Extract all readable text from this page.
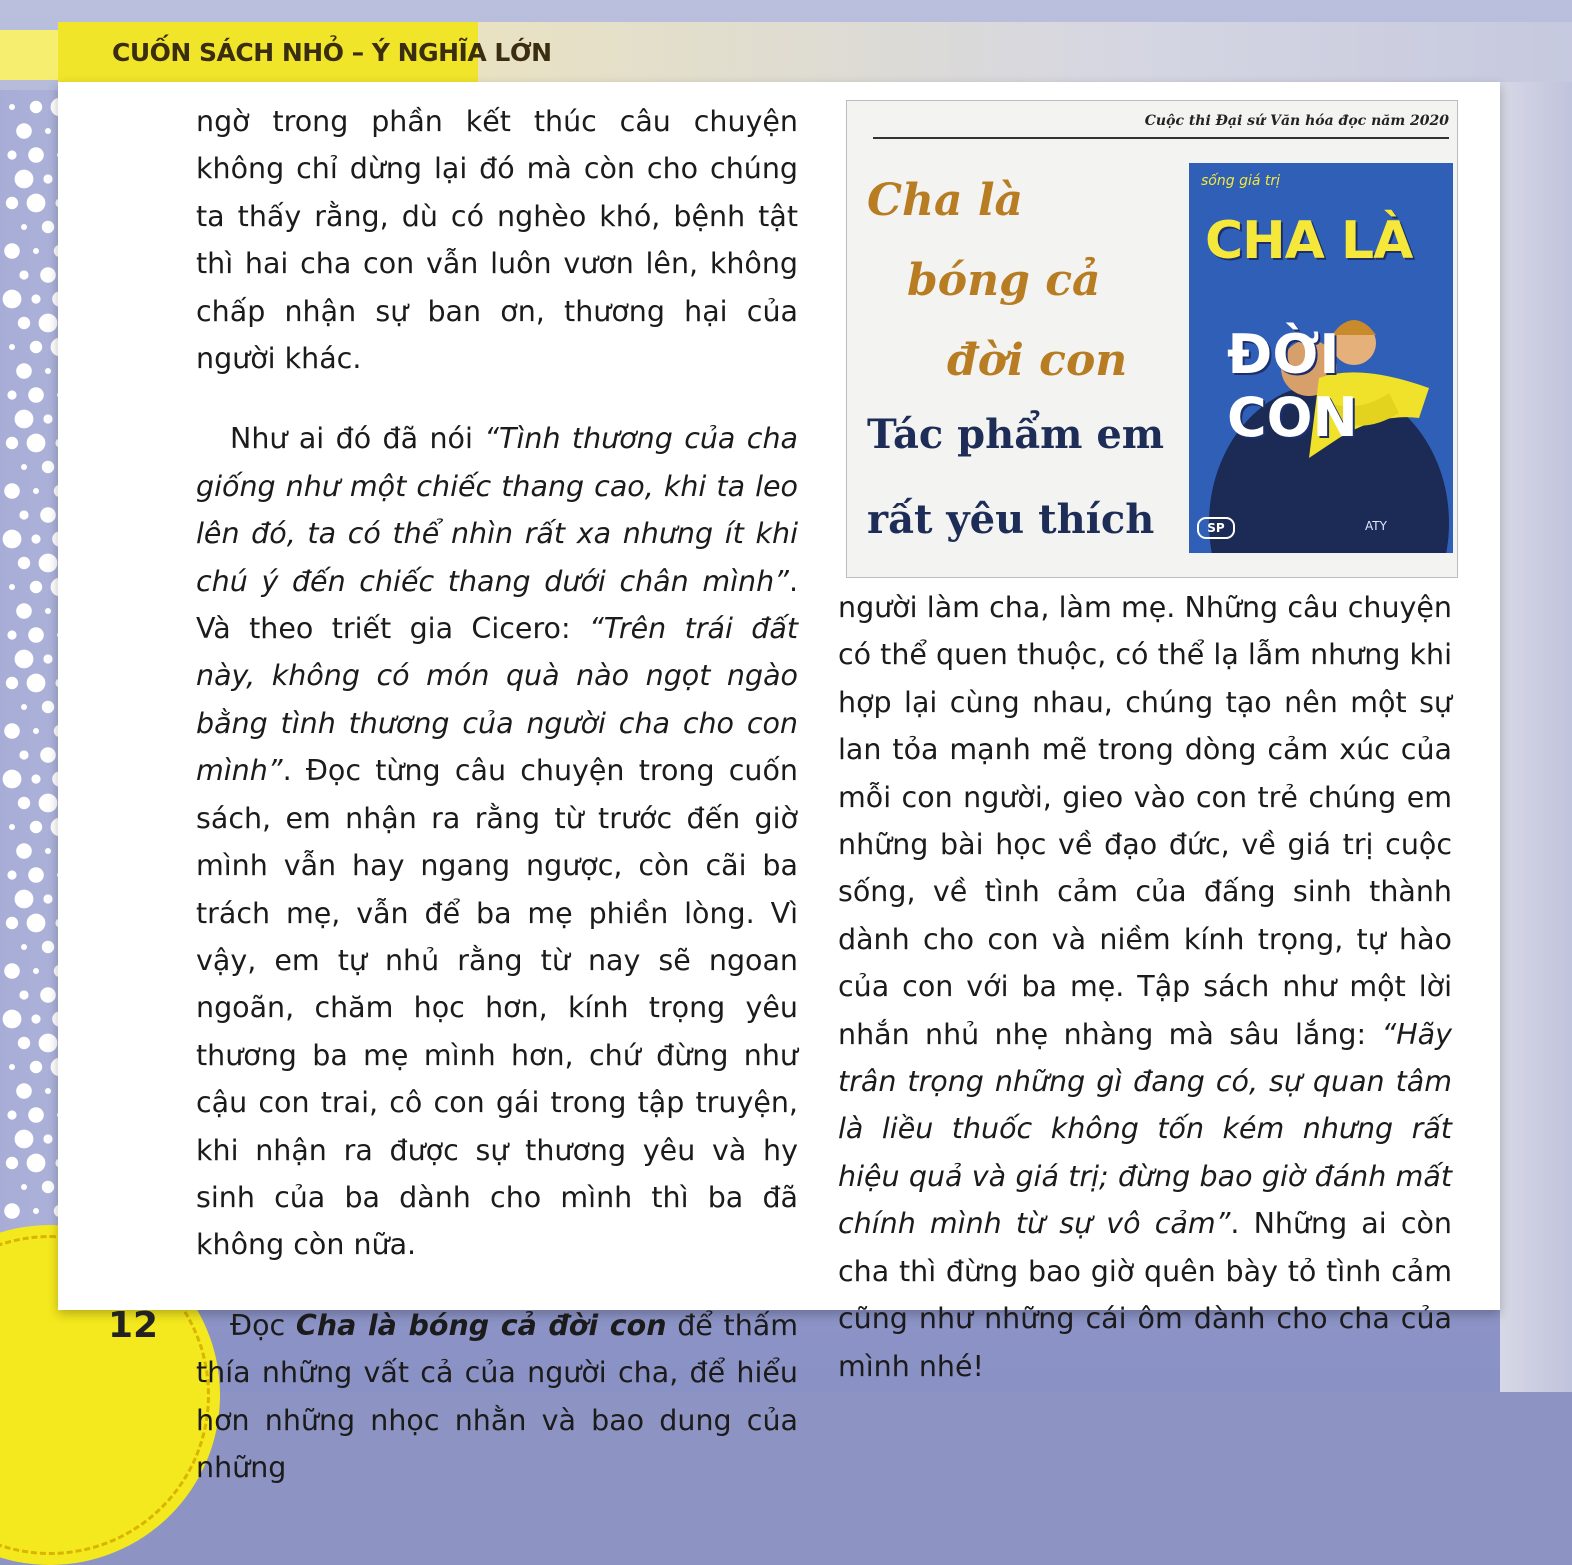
CUỐN SÁCH NHỎ – Ý NGHĨA LỚN

ngờ trong phần kết thúc câu chuyện không chỉ dừng lại đó mà còn cho chúng ta thấy rằng, dù có nghèo khó, bệnh tật thì hai cha con vẫn luôn vươn lên, không chấp nhận sự ban ơn, thương hại của người khác.

Như ai đó đã nói “Tình thương của cha giống như một chiếc thang cao, khi ta leo lên đó, ta có thể nhìn rất xa nhưng ít khi chú ý đến chiếc thang dưới chân mình”. Và theo triết gia Cicero: “Trên trái đất này, không có món quà nào ngọt ngào bằng tình thương của người cha cho con mình”. Đọc từng câu chuyện trong cuốn sách, em nhận ra rằng từ trước đến giờ mình vẫn hay ngang ngược, còn cãi ba trách mẹ, vẫn để ba mẹ phiền lòng. Vì vậy, em tự nhủ rằng từ nay sẽ ngoan ngoãn, chăm học hơn, kính trọng yêu thương ba mẹ mình hơn, chứ đừng như cậu con trai, cô con gái trong tập truyện, khi nhận ra được sự thương yêu và hy sinh của ba dành cho mình thì ba đã không còn nữa.

Đọc Cha là bóng cả đời con để thấm thía những vất cả của người cha, để hiểu hơn những nhọc nhằn và bao dung của những

Cuộc thi Đại sứ Văn hóa đọc năm 2020
Cha là
bóng cả
đời con
Tác phẩm em
rất yêu thích
sống giá trị
CHA LÀ
ĐỜI CON
SP	ATY

người làm cha, làm mẹ. Những câu chuyện có thể quen thuộc, có thể lạ lẫm nhưng khi hợp lại cùng nhau, chúng tạo nên một sự lan tỏa mạnh mẽ trong dòng cảm xúc của mỗi con người, gieo vào con trẻ chúng em những bài học về đạo đức, về giá trị cuộc sống, về tình cảm của đấng sinh thành dành cho con và niềm kính trọng, tự hào của con với ba mẹ. Tập sách như một lời nhắn nhủ nhẹ nhàng mà sâu lắng: “Hãy trân trọng những gì đang có, sự quan tâm là liều thuốc không tốn kém nhưng rất hiệu quả và giá trị; đừng bao giờ đánh mất chính mình từ sự vô cảm”. Những ai còn cha thì đừng bao giờ quên bày tỏ tình cảm cũng như những cái ôm dành cho cha của mình nhé!

12
